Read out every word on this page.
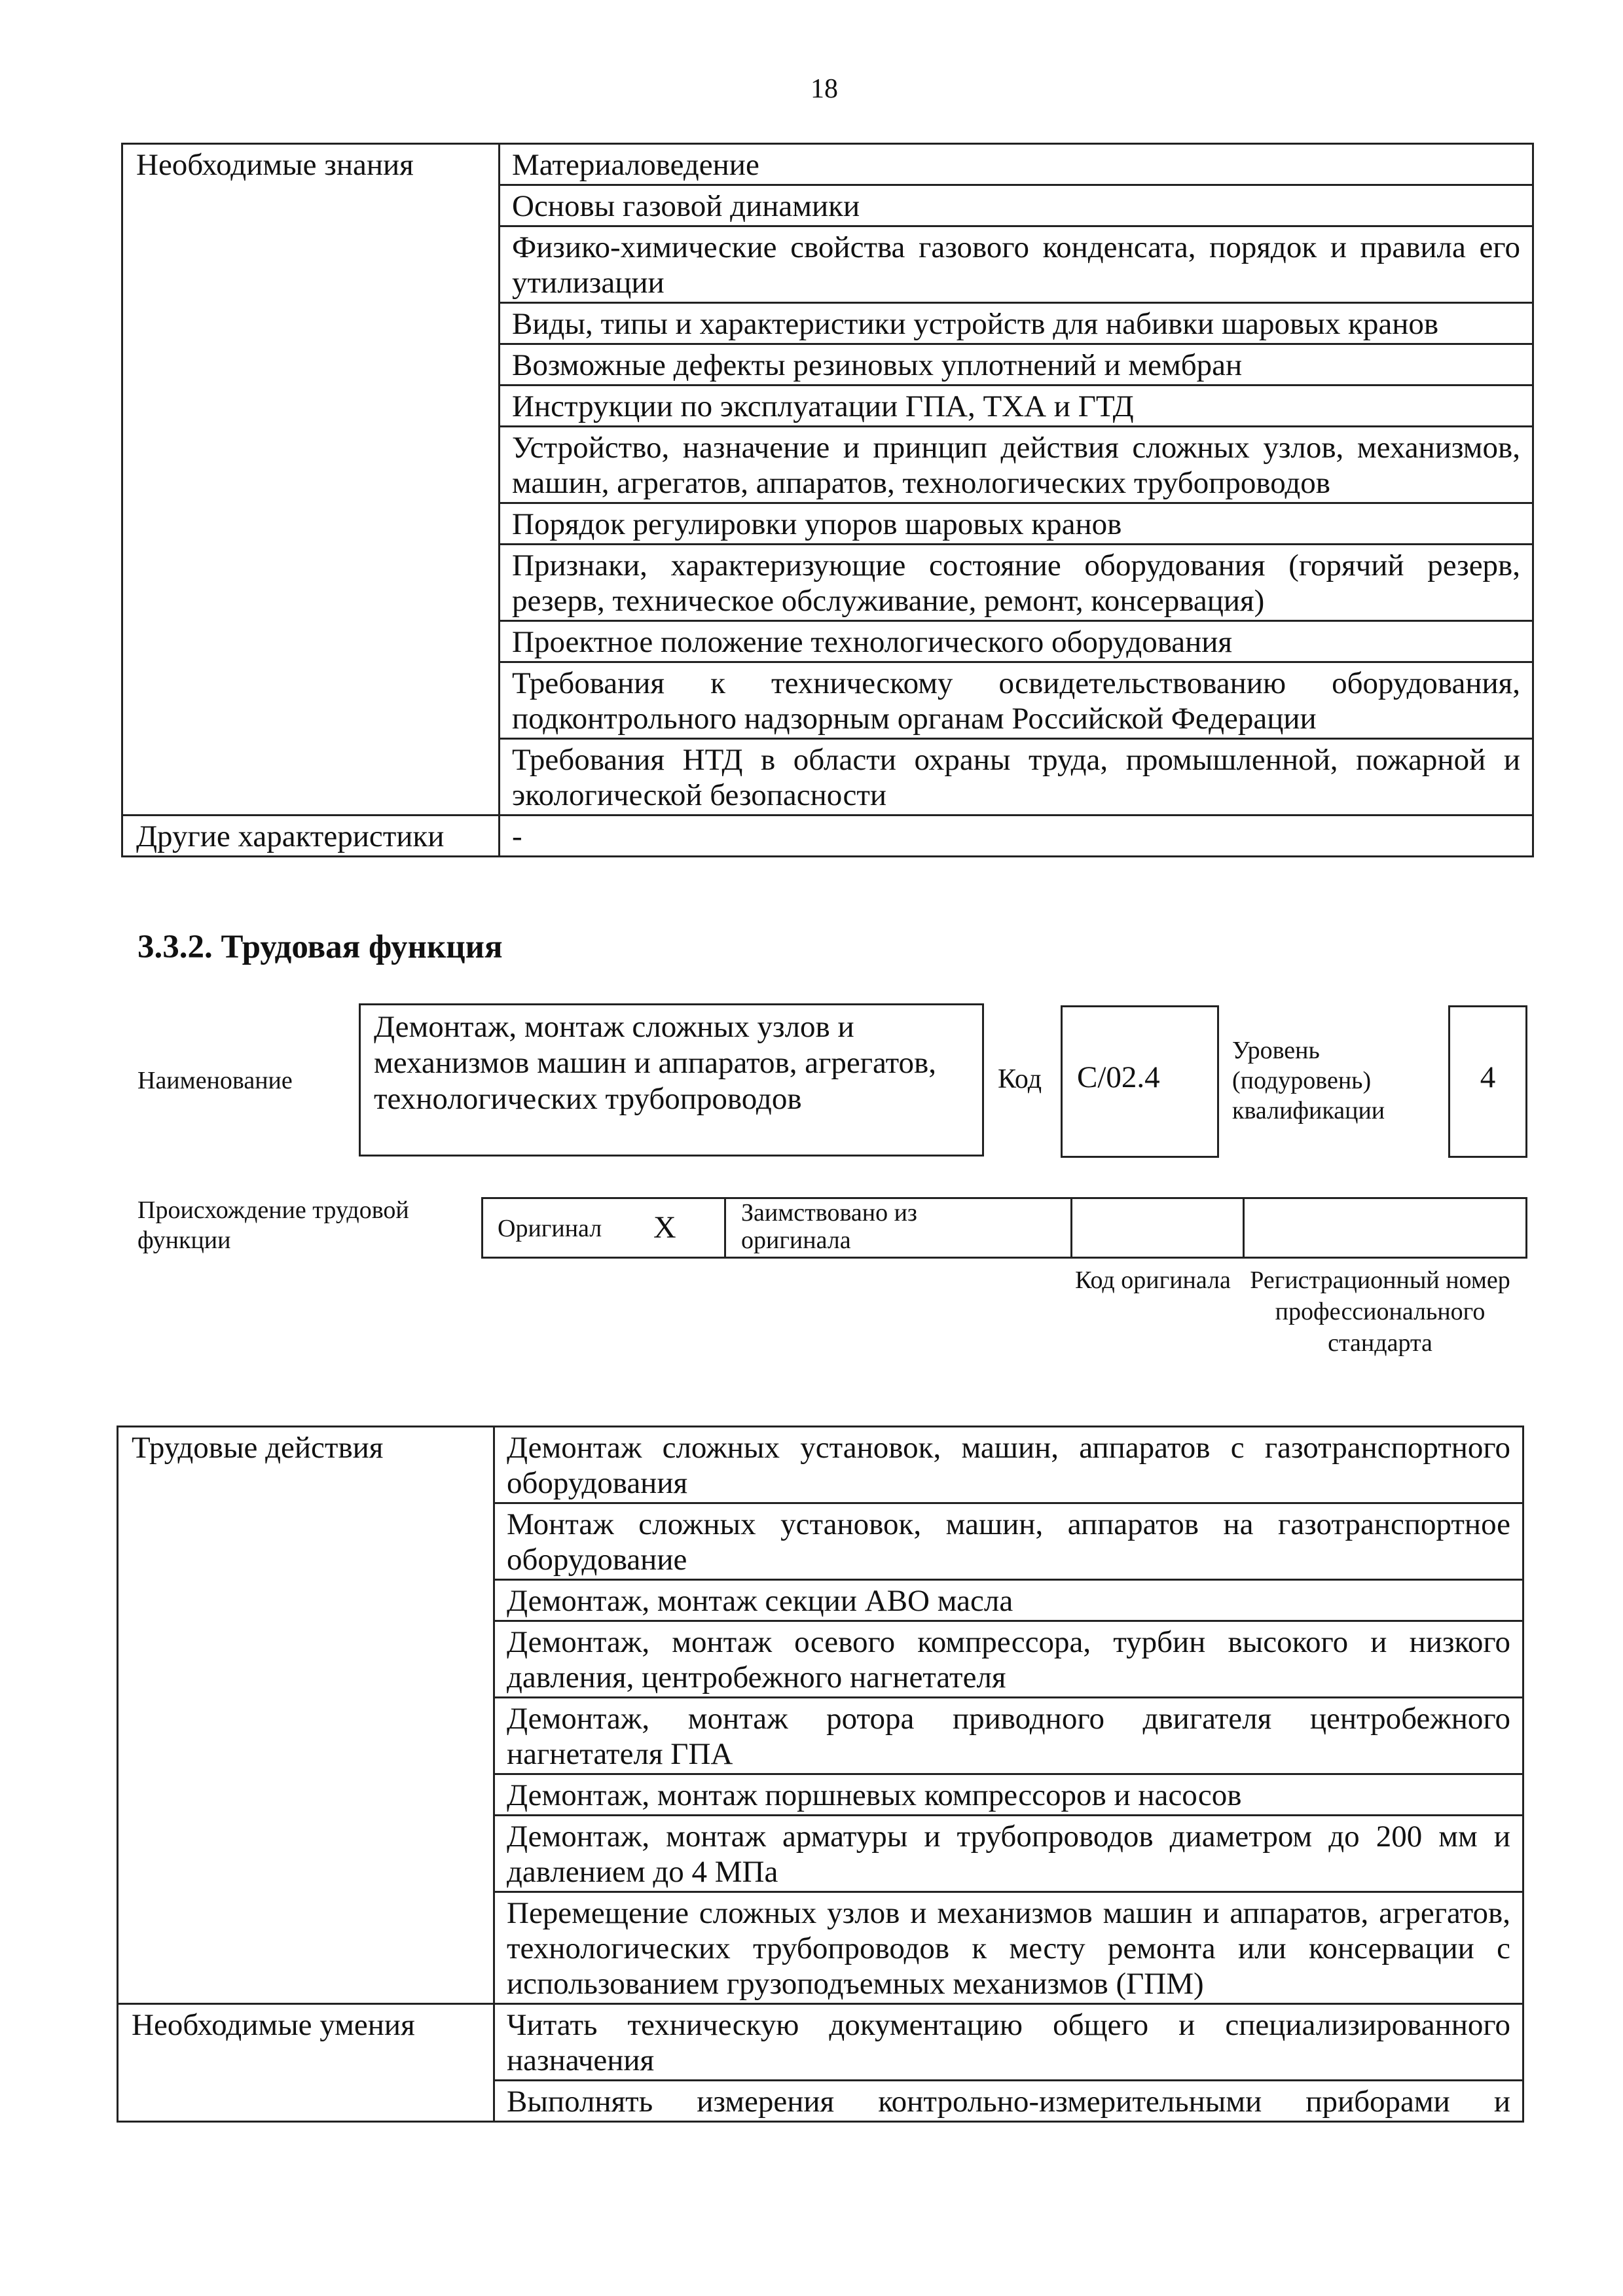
18
Необходимые знания	Материаловедение
	Основы газовой динамики
	Физико-химические свойства газового конденсата, порядок и правила его утилизации
	Виды, типы и характеристики устройств для набивки шаровых кранов
	Возможные дефекты резиновых уплотнений и мембран
	Инструкции по эксплуатации ГПА, ТХА и ГТД
	Устройство, назначение и принцип действия сложных узлов, механизмов, машин, агрегатов, аппаратов, технологических трубопроводов
	Порядок регулировки упоров шаровых кранов
	Признаки, характеризующие состояние оборудования (горячий резерв, резерв, техническое обслуживание, ремонт, консервация)
	Проектное положение технологического оборудования
	Требования к техническому освидетельствованию оборудования, подконтрольного надзорным органам Российской Федерации
	Требования НТД в области охраны труда, промышленной, пожарной и экологической безопасности
Другие характеристики	-
3.3.2. Трудовая функция
Наименование
Демонтаж, монтаж сложных узлов и механизмов машин и аппаратов, агрегатов, технологических трубопроводов
Код	C/02.4
Уровень (подуровень) квалификации
4
Происхождение трудовой функции	Оригинал X	Заимствовано из оригинала
Код оригинала Регистрационный номер профессионального стандарта
Трудовые действия	Демонтаж сложных установок, машин, аппаратов с газотранспортного оборудования
	Монтаж сложных установок, машин, аппаратов на газотранспортное оборудование
	Демонтаж, монтаж секции АВО масла
	Демонтаж, монтаж осевого компрессора, турбин высокого и низкого давления, центробежного нагнетателя
	Демонтаж, монтаж ротора приводного двигателя центробежного нагнетателя ГПА
	Демонтаж, монтаж поршневых компрессоров и насосов
	Демонтаж, монтаж арматуры и трубопроводов диаметром до 200 мм и давлением до 4 МПа
	Перемещение сложных узлов и механизмов машин и аппаратов, агрегатов, технологических трубопроводов к месту ремонта или консервации с использованием грузоподъемных механизмов (ГПМ)
Необходимые умения	Читать техническую документацию общего и специализированного назначения
	Выполнять измерения контрольно-измерительными приборами и
